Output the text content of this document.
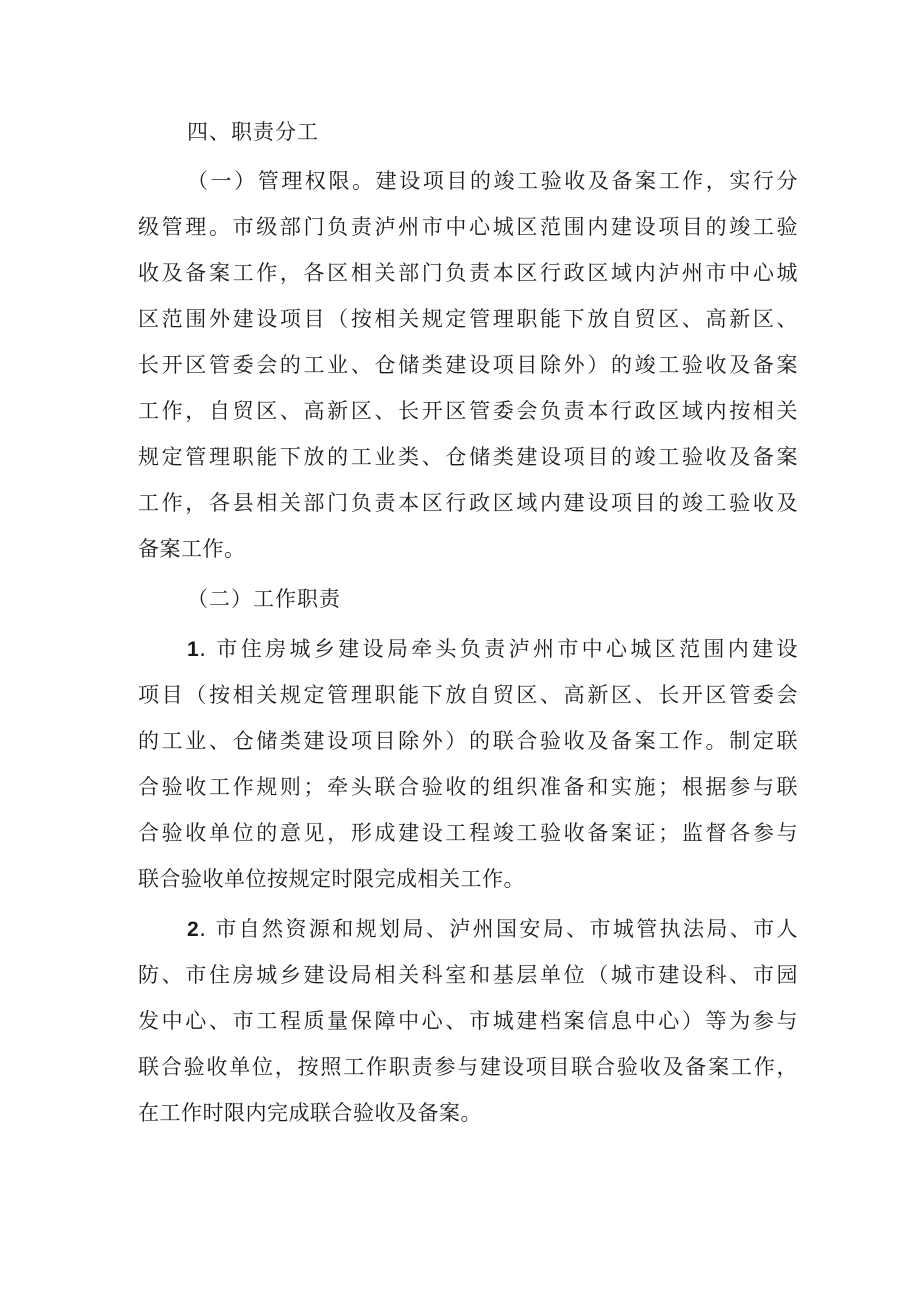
四、职责分工
（一）管理权限。建设项目的竣工验收及备案工作，实行分
级管理。市级部门负责泸州市中心城区范围内建设项目的竣工验
收及备案工作，各区相关部门负责本区行政区域内泸州市中心城
区范围外建设项目（按相关规定管理职能下放自贸区、高新区、
长开区管委会的工业、仓储类建设项目除外）的竣工验收及备案
工作，自贸区、高新区、长开区管委会负责本行政区域内按相关
规定管理职能下放的工业类、仓储类建设项目的竣工验收及备案
工作，各县相关部门负责本区行政区域内建设项目的竣工验收及
备案工作。
（二）工作职责
1. 市住房城乡建设局牵头负责泸州市中心城区范围内建设
项目（按相关规定管理职能下放自贸区、高新区、长开区管委会
的工业、仓储类建设项目除外）的联合验收及备案工作。制定联
合验收工作规则；牵头联合验收的组织准备和实施；根据参与联
合验收单位的意见，形成建设工程竣工验收备案证；监督各参与
联合验收单位按规定时限完成相关工作。
2. 市自然资源和规划局、泸州国安局、市城管执法局、市人
防、市住房城乡建设局相关科室和基层单位（城市建设科、市园
发中心、市工程质量保障中心、市城建档案信息中心）等为参与
联合验收单位，按照工作职责参与建设项目联合验收及备案工作，
在工作时限内完成联合验收及备案。
